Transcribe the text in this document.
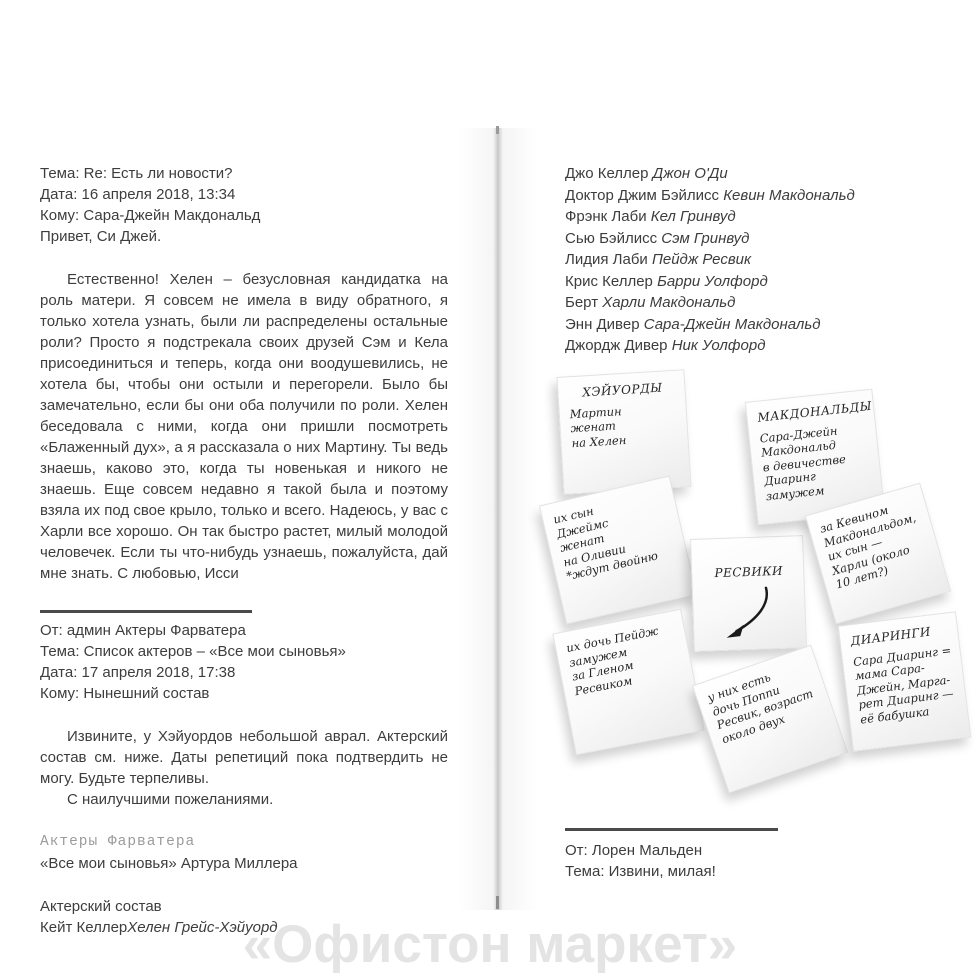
Тема: Re: Есть ли новости?
Дата: 16 апреля 2018, 13:34
Кому: Сара-Джейн Макдональд
Привет, Си Джей.

Естественно! Хелен – безусловная кандидатка на роль матери. Я совсем не имела в виду обратного, я только хотела узнать, были ли распределены остальные роли? Просто я подстрекала своих друзей Сэм и Кела присоединиться и теперь, когда они воодушевились, не хотела бы, чтобы они остыли и перегорели. Было бы замечательно, если бы они оба получили по роли. Хелен беседовала с ними, когда они пришли посмотреть «Блаженный дух», а я рассказала о них Мартину. Ты ведь знаешь, каково это, когда ты новенькая и никого не знаешь. Еще совсем недавно я такой была и поэтому взяла их под свое крыло, только и всего. Надеюсь, у вас с Харли все хорошо. Он так быстро растет, милый молодой человечек. Если ты что-нибудь узнаешь, пожалуйста, дай мне знать. С любовью, Исси

От: админ Актеры Фарватера
Тема: Список актеров – «Все мои сыновья»
Дата: 17 апреля 2018, 17:38
Кому: Нынешний состав

Извините, у Хэйуордов небольшой аврал. Актерский состав см. ниже. Даты репетиций пока подтвердить не могу. Будьте терпеливы.

С наилучшими пожеланиями.
Актеры Фарватера
«Все мои сыновья» Артура Миллера
Актерский состав
Кейт КеллерХелен Грейс-Хэйуорд
Джо Келлер Джон О'Ди
Доктор Джим Бэйлисс Кевин Макдональд
Фрэнк Лаби Кел Гринвуд
Сью Бэйлисс Сэм Гринвуд
Лидия Лаби Пейдж Ресвик
Крис Келлер Барри Уолфорд
Берт Харли Макдональд
Энн Дивер Сара-Джейн Макдональд
Джордж Дивер Ник Уолфорд
ХЭЙУОРДЫ
Мартин
женат
на Хелен
их сын
Джеймс
женат
на Оливии
*ждут двойню	РЕСВИКИ
МАКДОНАЛЬДЫ
Сара-Джейн
Макдональд
в девичестве
Диаринг
замужем
за Кевином
Макдональдом,
их сын —
Харли (около
10 лет?)
их дочь Пейдж
замужем
за Гленом
Ресвиком	у них есть
дочь Поппи
Ресвик, возраст
около двух
ДИАРИНГИ
Сара Диаринг =
мама Сара-
Джейн, Марга-
рет Диаринг —
её бабушка
От: Лорен Мальден
Тема: Извини, милая!
«Офистон маркет»
